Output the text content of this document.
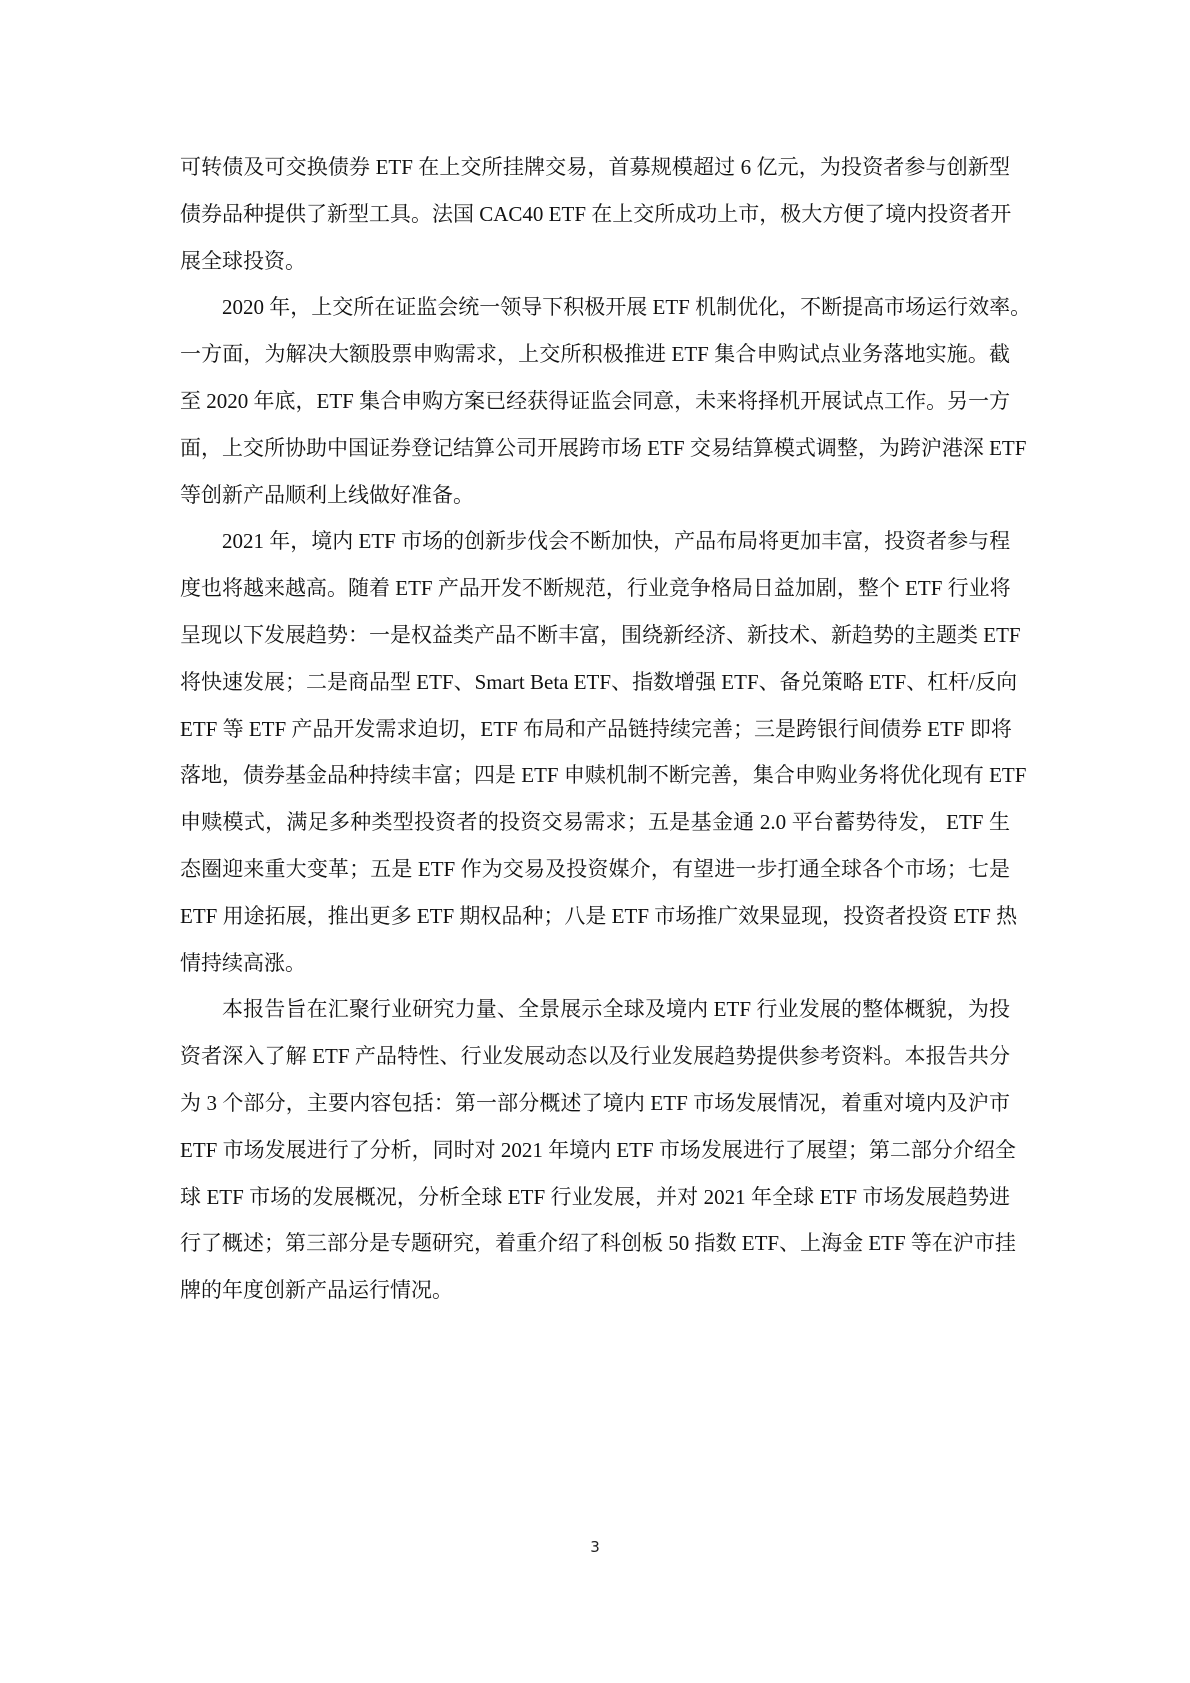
可转债及可交换债券 ETF 在上交所挂牌交易，首募规模超过 6 亿元，为投资者参与创新型
债券品种提供了新型工具。法国 CAC40 ETF 在上交所成功上市，极大方便了境内投资者开
展全球投资。
2020 年，上交所在证监会统一领导下积极开展 ETF 机制优化，不断提高市场运行效率。
一方面，为解决大额股票申购需求，上交所积极推进 ETF 集合申购试点业务落地实施。截
至 2020 年底，ETF 集合申购方案已经获得证监会同意，未来将择机开展试点工作。另一方
面，上交所协助中国证券登记结算公司开展跨市场 ETF 交易结算模式调整，为跨沪港深 ETF
等创新产品顺利上线做好准备。
2021 年，境内 ETF 市场的创新步伐会不断加快，产品布局将更加丰富，投资者参与程
度也将越来越高。随着 ETF 产品开发不断规范，行业竞争格局日益加剧，整个 ETF 行业将
呈现以下发展趋势：一是权益类产品不断丰富，围绕新经济、新技术、新趋势的主题类 ETF
将快速发展；二是商品型 ETF、Smart Beta ETF、指数增强 ETF、备兑策略 ETF、杠杆/反向
ETF 等 ETF 产品开发需求迫切，ETF 布局和产品链持续完善；三是跨银行间债券 ETF 即将
落地，债券基金品种持续丰富；四是 ETF 申赎机制不断完善，集合申购业务将优化现有 ETF
申赎模式，满足多种类型投资者的投资交易需求；五是基金通 2.0 平台蓄势待发， ETF 生
态圈迎来重大变革；五是 ETF 作为交易及投资媒介，有望进一步打通全球各个市场；七是
ETF 用途拓展，推出更多 ETF 期权品种；八是 ETF 市场推广效果显现，投资者投资 ETF 热
情持续高涨。
本报告旨在汇聚行业研究力量、全景展示全球及境内 ETF 行业发展的整体概貌，为投
资者深入了解 ETF 产品特性、行业发展动态以及行业发展趋势提供参考资料。本报告共分
为 3 个部分，主要内容包括：第一部分概述了境内 ETF 市场发展情况，着重对境内及沪市
ETF 市场发展进行了分析，同时对 2021 年境内 ETF 市场发展进行了展望；第二部分介绍全
球 ETF 市场的发展概况，分析全球 ETF 行业发展，并对 2021 年全球 ETF 市场发展趋势进
行了概述；第三部分是专题研究，着重介绍了科创板 50 指数 ETF、上海金 ETF 等在沪市挂
牌的年度创新产品运行情况。
3
